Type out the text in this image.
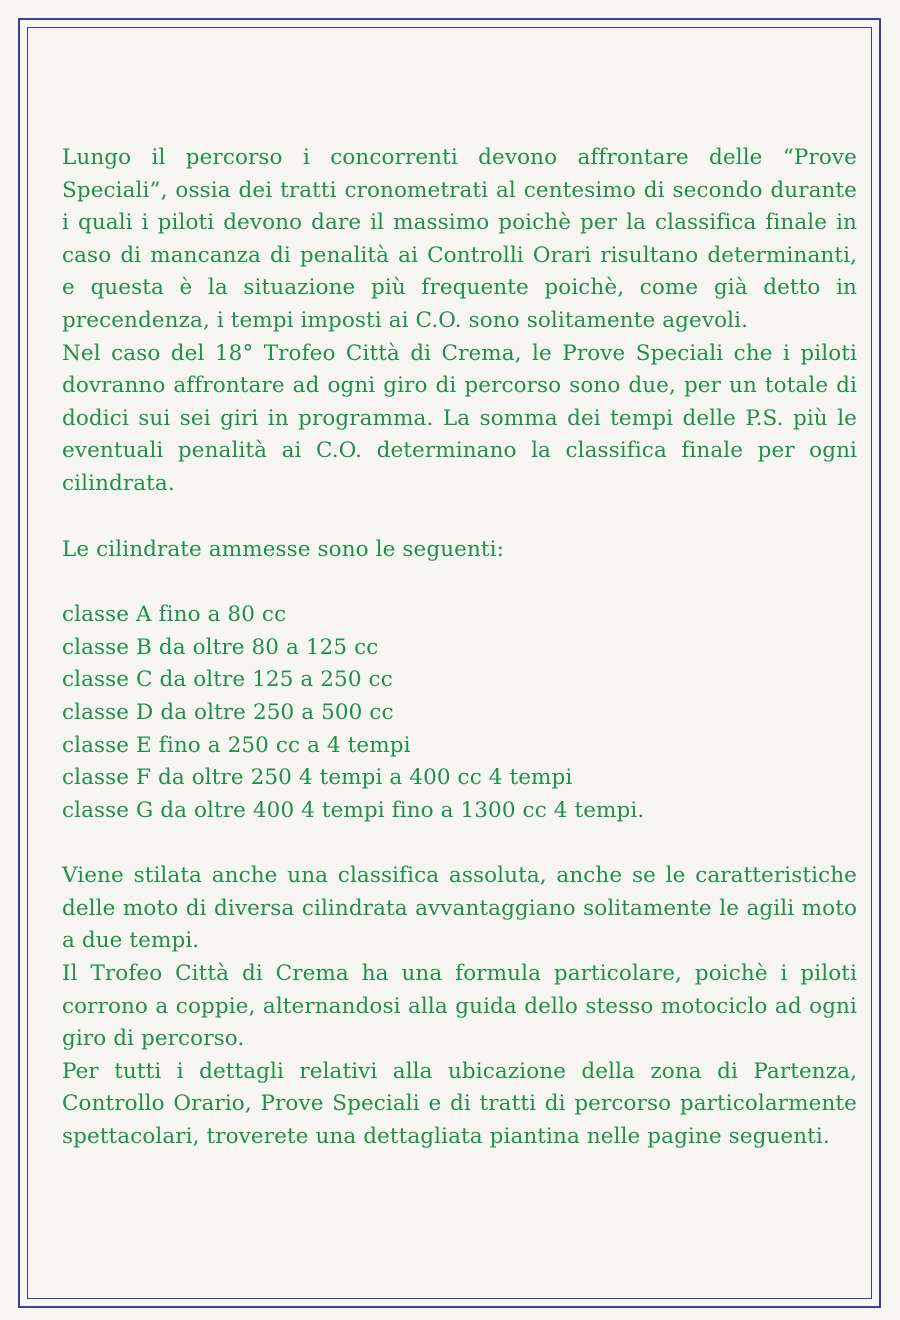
Lungo il percorso i concorrenti devono affrontare delle “Prove Speciali”, ossia dei tratti cronometrati al centesimo di secondo durante i quali i piloti devono dare il massimo poichè per la classifica finale in caso di mancanza di penalità ai Controlli Orari risultano determinanti, e questa è la situazione più frequente poichè, come già detto in precendenza, i tempi imposti ai C.O. sono solitamente agevoli.

Nel caso del 18° Trofeo Città di Crema, le Prove Speciali che i piloti dovranno affrontare ad ogni giro di percorso sono due, per un totale di dodici sui sei giri in programma. La somma dei tempi delle P.S. più le eventuali penalità ai C.O. determinano la classifica finale per ogni cilindrata.

Le cilindrate ammesse sono le seguenti:

classe A fino a 80 cc
classe B da oltre 80 a 125 cc
classe C da oltre 125 a 250 cc
classe D da oltre 250 a 500 cc
classe E fino a 250 cc a 4 tempi
classe F da oltre 250 4 tempi a 400 cc 4 tempi
classe G da oltre 400 4 tempi fino a 1300 cc 4 tempi.

Viene stilata anche una classifica assoluta, anche se le caratteristiche delle moto di diversa cilindrata avvantaggiano solitamente le agili moto a due tempi.

Il Trofeo Città di Crema ha una formula particolare, poichè i piloti corrono a coppie, alternandosi alla guida dello stesso motociclo ad ogni giro di percorso.

Per tutti i dettagli relativi alla ubicazione della zona di Partenza, Controllo Orario, Prove Speciali e di tratti di percorso particolarmente spettacolari, troverete una dettagliata piantina nelle pagine seguenti.
